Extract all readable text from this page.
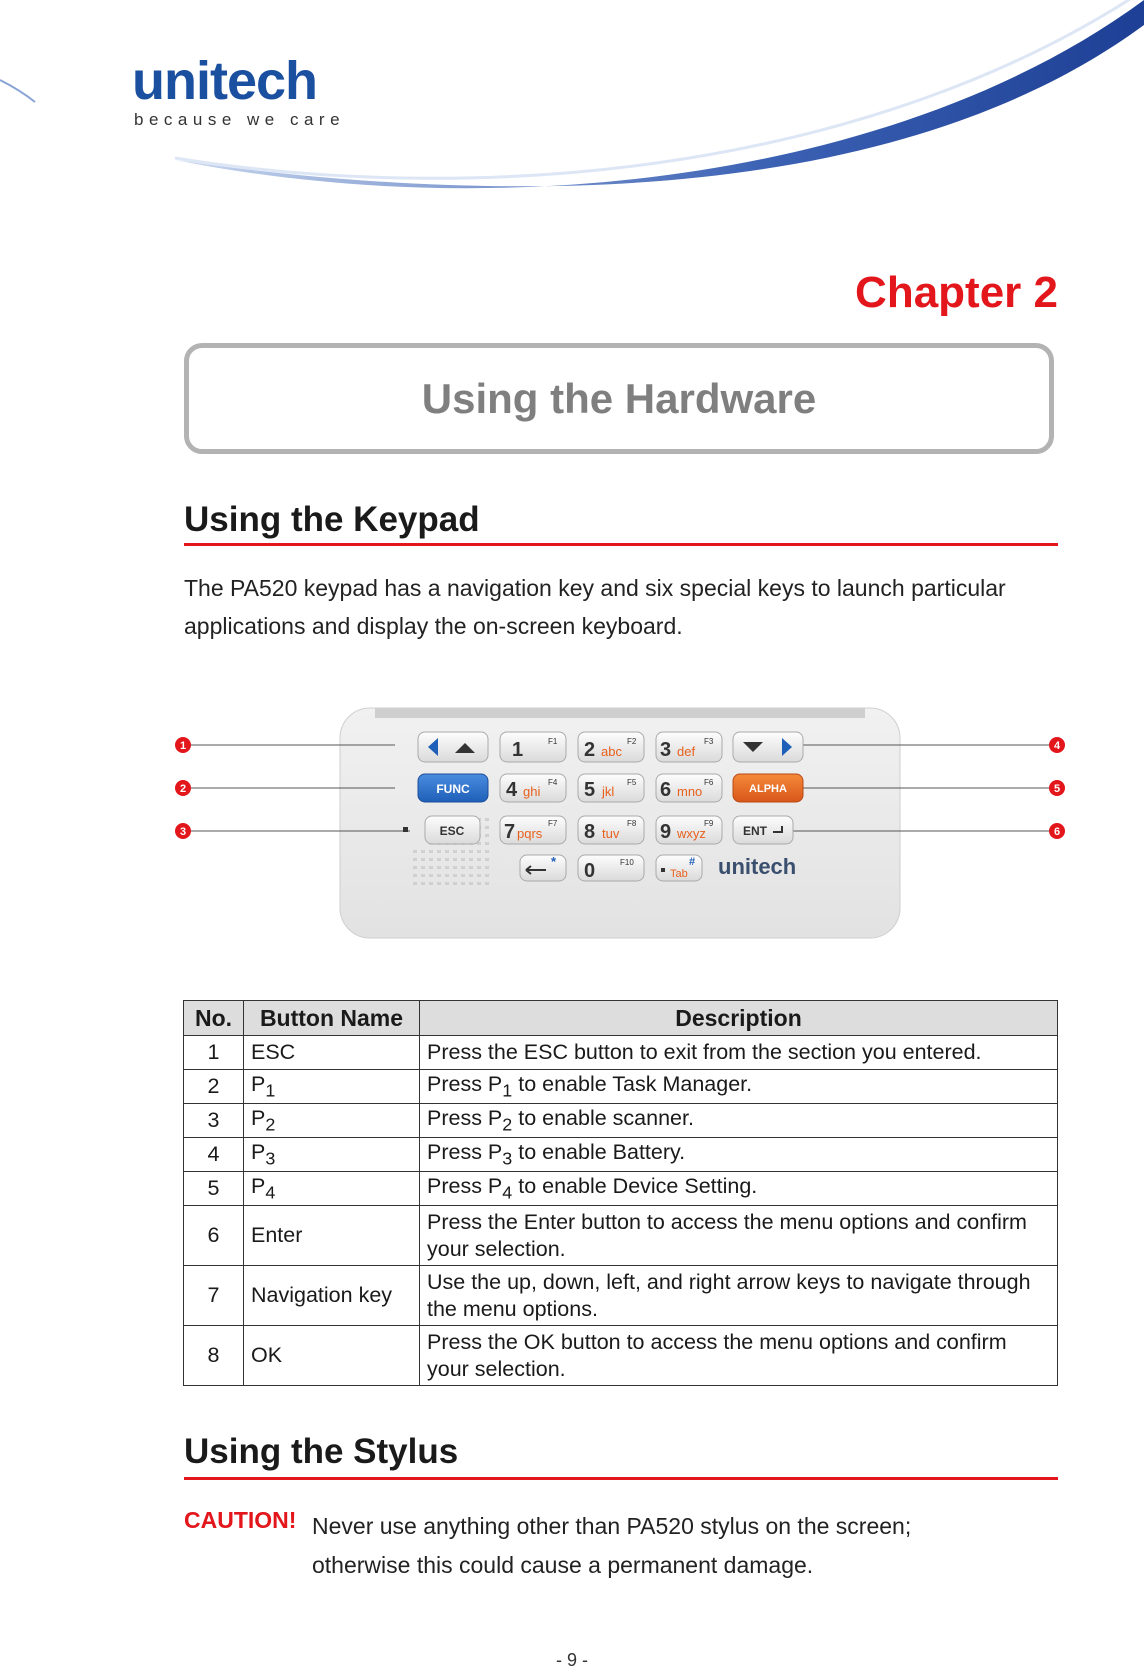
unitech
because we care
Chapter 2
Using the Hardware
Using the Keypad
The PA520 keypad has a navigation key and six special keys to launch particular applications and display the on-screen keyboard.
1
2
3
4
5
6
1	F1 2 abc
F2 3 def
F3
FUNC 4 ghi
F4 5 jkl
F5 6 mno
F6
ALPHA
ESC 7 pqrs
F7 8 tuv
F8 9 wxyz
F9
ENT
* 0	F10
Tab
# unitech
No.	Button Name	Description
1	ESC	Press the ESC button to exit from the section you entered.
2	$P_1$	Press $P_1$ to enable Task Manager.
3	$P_2$	Press $P_2$ to enable scanner.
4	$P_3$	Press $P_3$ to enable Battery.
5	$P_4$	Press $P_4$ to enable Device Setting.
6	Enter	Press the Enter button to access the menu options and confirm your selection.
7	Navigation key	Use the up, down, left, and right arrow keys to navigate through the menu options.
8	OK	Press the OK button to access the menu options and confirm your selection.
Using the Stylus
CAUTION! Never use anything other than PA520 stylus on the screen; otherwise this could cause a permanent damage.
- 9 -
